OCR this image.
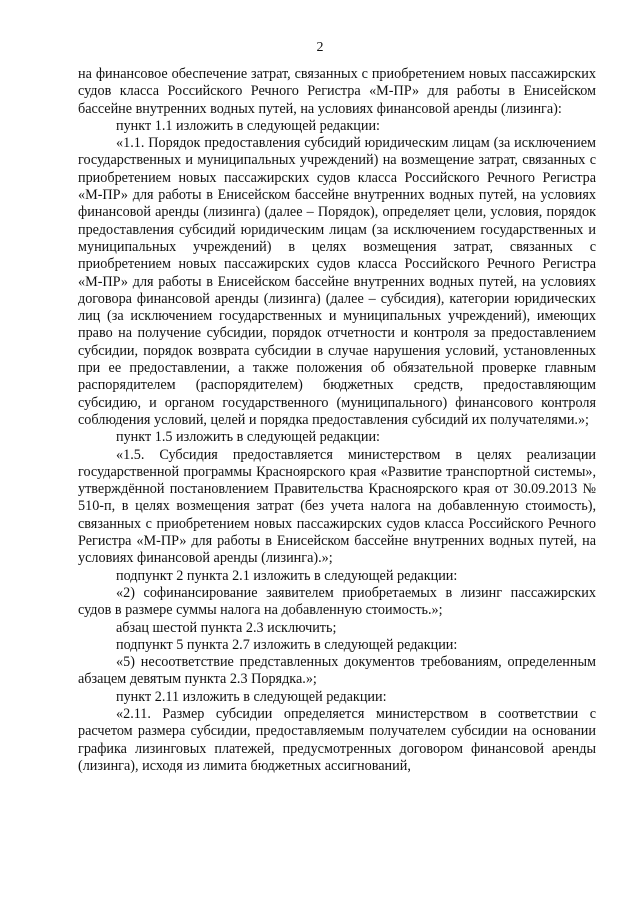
2

на финансовое обеспечение затрат, связанных с приобретением новых пассажирских судов класса Российского Речного Регистра «М-ПР» для работы в Енисейском бассейне внутренних водных путей, на условиях финансовой аренды (лизинга):

пункт 1.1 изложить в следующей редакции:

«1.1. Порядок предоставления субсидий юридическим лицам (за исключением государственных и муниципальных учреждений) на возмещение затрат, связанных с приобретением новых пассажирских судов класса Российского Речного Регистра «М-ПР» для работы в Енисейском бассейне внутренних водных путей, на условиях финансовой аренды (лизинга) (далее – Порядок), определяет цели, условия, порядок предоставления субсидий юридическим лицам (за исключением государственных и муниципальных учреждений) в целях возмещения затрат, связанных с приобретением новых пассажирских судов класса Российского Речного Регистра «М-ПР» для работы в Енисейском бассейне внутренних водных путей, на условиях договора финансовой аренды (лизинга) (далее – субсидия), категории юридических лиц (за исключением государственных и муниципальных учреждений), имеющих право на получение субсидии, порядок отчетности и контроля за предоставлением субсидии, порядок возврата субсидии в случае нарушения условий, установленных при ее предоставлении, а также положения об обязательной проверке главным распорядителем (распорядителем) бюджетных средств, предоставляющим субсидию, и органом государственного (муниципального) финансового контроля соблюдения условий, целей и порядка предоставления субсидий их получателями.»;

пункт 1.5 изложить в следующей редакции:

«1.5. Субсидия предоставляется министерством в целях реализации государственной программы Красноярского края «Развитие транспортной системы», утверждённой постановлением Правительства Красноярского края от 30.09.2013 № 510-п, в целях возмещения затрат (без учета налога на добавленную стоимость), связанных с приобретением новых пассажирских судов класса Российского Речного Регистра «М-ПР» для работы в Енисейском бассейне внутренних водных путей, на условиях финансовой аренды (лизинга).»;

подпункт 2 пункта 2.1 изложить в следующей редакции:

«2) софинансирование заявителем приобретаемых в лизинг пассажирских судов в размере суммы налога на добавленную стоимость.»;

абзац шестой пункта 2.3 исключить;

подпункт 5 пункта 2.7 изложить в следующей редакции:

«5) несоответствие представленных документов требованиям, определенным абзацем девятым пункта 2.3 Порядка.»;

пункт 2.11 изложить в следующей редакции:

«2.11. Размер субсидии определяется министерством в соответствии с расчетом размера субсидии, предоставляемым получателем субсидии на основании графика лизинговых платежей, предусмотренных договором финансовой аренды (лизинга), исходя из лимита бюджетных ассигнований,
